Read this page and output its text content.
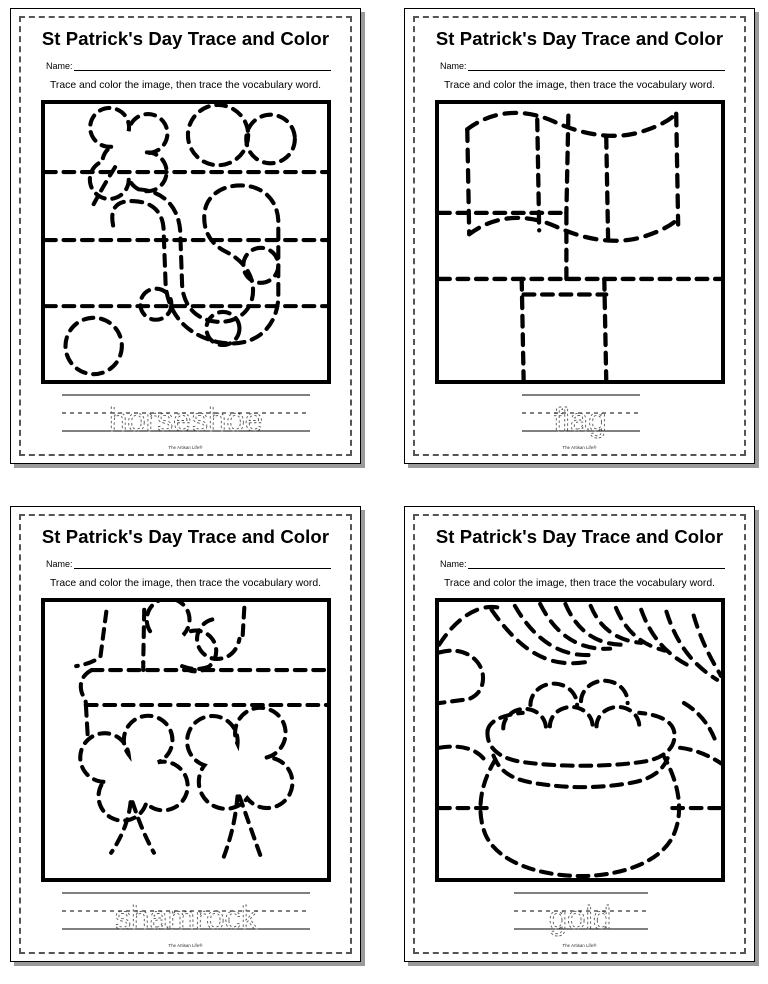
St Patrick's Day Trace and Color
Name:
Trace and color the image, then trace the vocabulary word.
horseshoe
The Artisan Life®
St Patrick's Day Trace and Color
Name:
Trace and color the image, then trace the vocabulary word.
flag
The Artisan Life®
St Patrick's Day Trace and Color
Name:
Trace and color the image, then trace the vocabulary word.
shamrock
The Artisan Life®
St Patrick's Day Trace and Color
Name:
Trace and color the image, then trace the vocabulary word.
gold
The Artisan Life®
